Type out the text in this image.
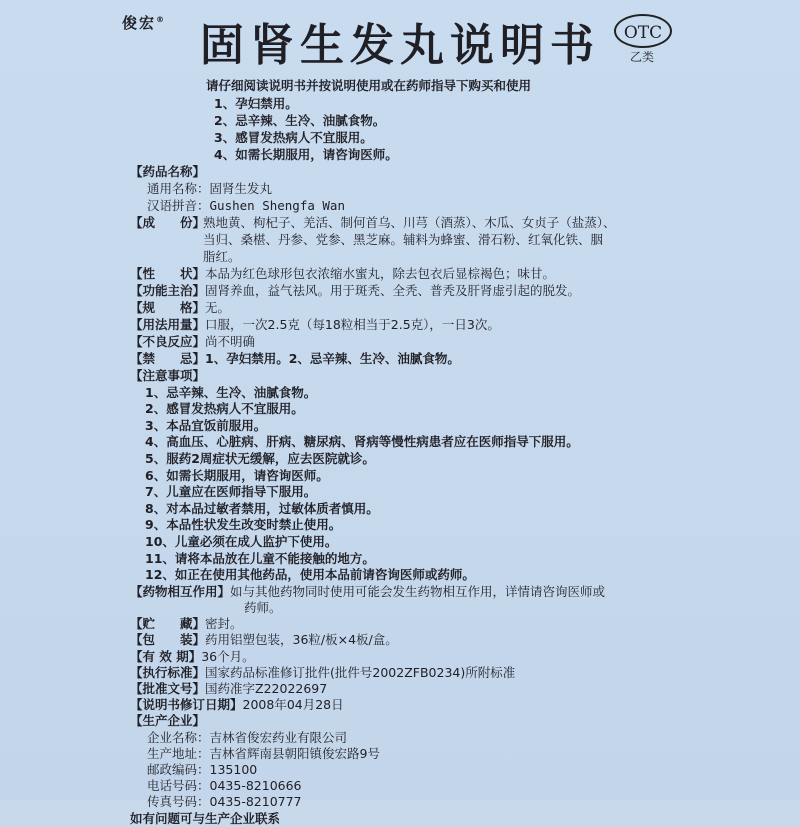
俊宏®
固肾生发丸说明书	OTC
乙类
请仔细阅读说明书并按说明使用或在药师指导下购买和使用
1、孕妇禁用。
2、忌辛辣、生冷、油腻食物。
3、感冒发热病人不宜服用。
4、如需长期服用，请咨询医师。
【药品名称】
通用名称：固肾生发丸
汉语拼音：Gushen Shengfa Wan
【成　　份】
熟地黄、枸杞子、羌活、制何首乌、川芎（酒蒸）、木瓜、女贞子（盐蒸）、
当归、桑椹、丹参、党参、黑芝麻。辅料为蜂蜜、滑石粉、红氧化铁、胭
脂红。
【性　　状】本品为红色球形包衣浓缩水蜜丸，除去包衣后显棕褐色；味甘。
【功能主治】固肾养血，益气祛风。用于斑秃、全秃、普秃及肝肾虚引起的脱发。
【规　　格】无。
【用法用量】口服，一次2.5克（每18粒相当于2.5克），一日3次。
【不良反应】尚不明确
【禁　　忌】1、孕妇禁用。2、忌辛辣、生冷、油腻食物。
【注意事项】
1、忌辛辣、生冷、油腻食物。
2、感冒发热病人不宜服用。
3、本品宜饭前服用。
4、高血压、心脏病、肝病、糖尿病、肾病等慢性病患者应在医师指导下服用。
5、服药2周症状无缓解，应去医院就诊。
6、如需长期服用，请咨询医师。
7、儿童应在医师指导下服用。
8、对本品过敏者禁用，过敏体质者慎用。
9、本品性状发生改变时禁止使用。
10、儿童必须在成人监护下使用。
11、请将本品放在儿童不能接触的地方。
12、如正在使用其他药品，使用本品前请咨询医师或药师。
【药物相互作用】如与其他药物同时使用可能会发生药物相互作用，详情请咨询医师或
药师。
【贮　　藏】密封。
【包　　装】药用铝塑包装，36粒/板×4板/盒。
【有 效 期】36个月。
【执行标准】国家药品标准修订批件(批件号2002ZFB0234)所附标准
【批准文号】国药准字Z22022697
【说明书修订日期】2008年04月28日
【生产企业】
企业名称：吉林省俊宏药业有限公司
生产地址：吉林省辉南县朝阳镇俊宏路9号
邮政编码：135100
电话号码：0435-8210666
传真号码：0435-8210777
如有问题可与生产企业联系
